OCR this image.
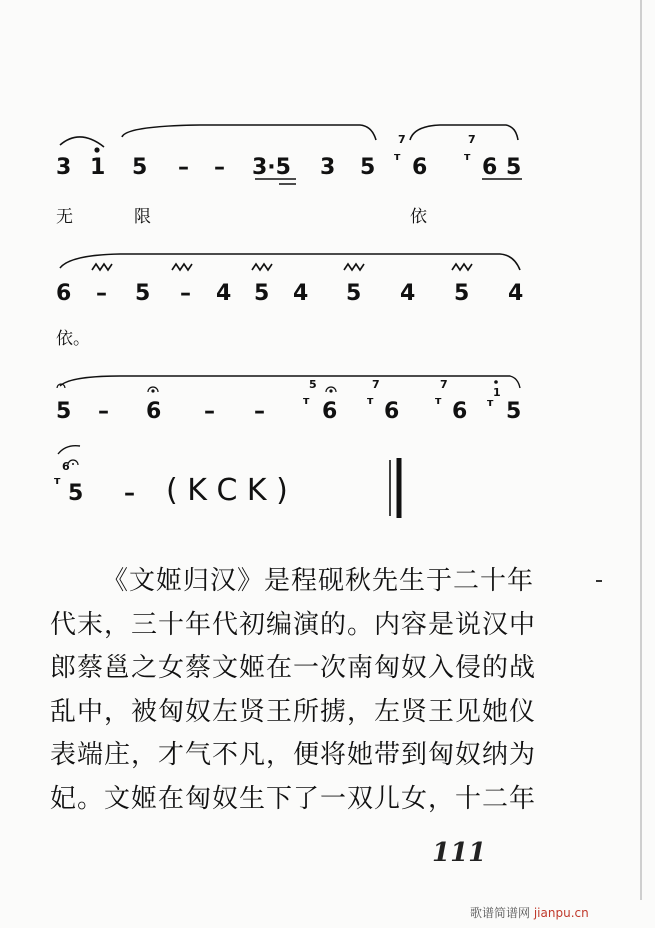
3 1 5 – – 3·5 3 5
7
ᴛ 6
7
ᴛ 6 5
无	限	依
6 – 5 – 4 5 4 5 4 5 4
依。
5 – 6 – –
5
ᴛ 6
7
ᴛ 6
7
ᴛ 6
1
ᴛ 5
6
ᴛ
5 – ( K C K )
《文姬归汉》是程砚秋先生于二十年
代末，三十年代初编演的。内容是说汉中
郎蔡邕之女蔡文姬在一次南匈奴入侵的战
乱中，被匈奴左贤王所掳，左贤王见她仪
表端庄，才气不凡，便将她带到匈奴纳为
妃。文姬在匈奴生下了一双儿女，十二年
111
歌谱简谱网 jianpu.cn
